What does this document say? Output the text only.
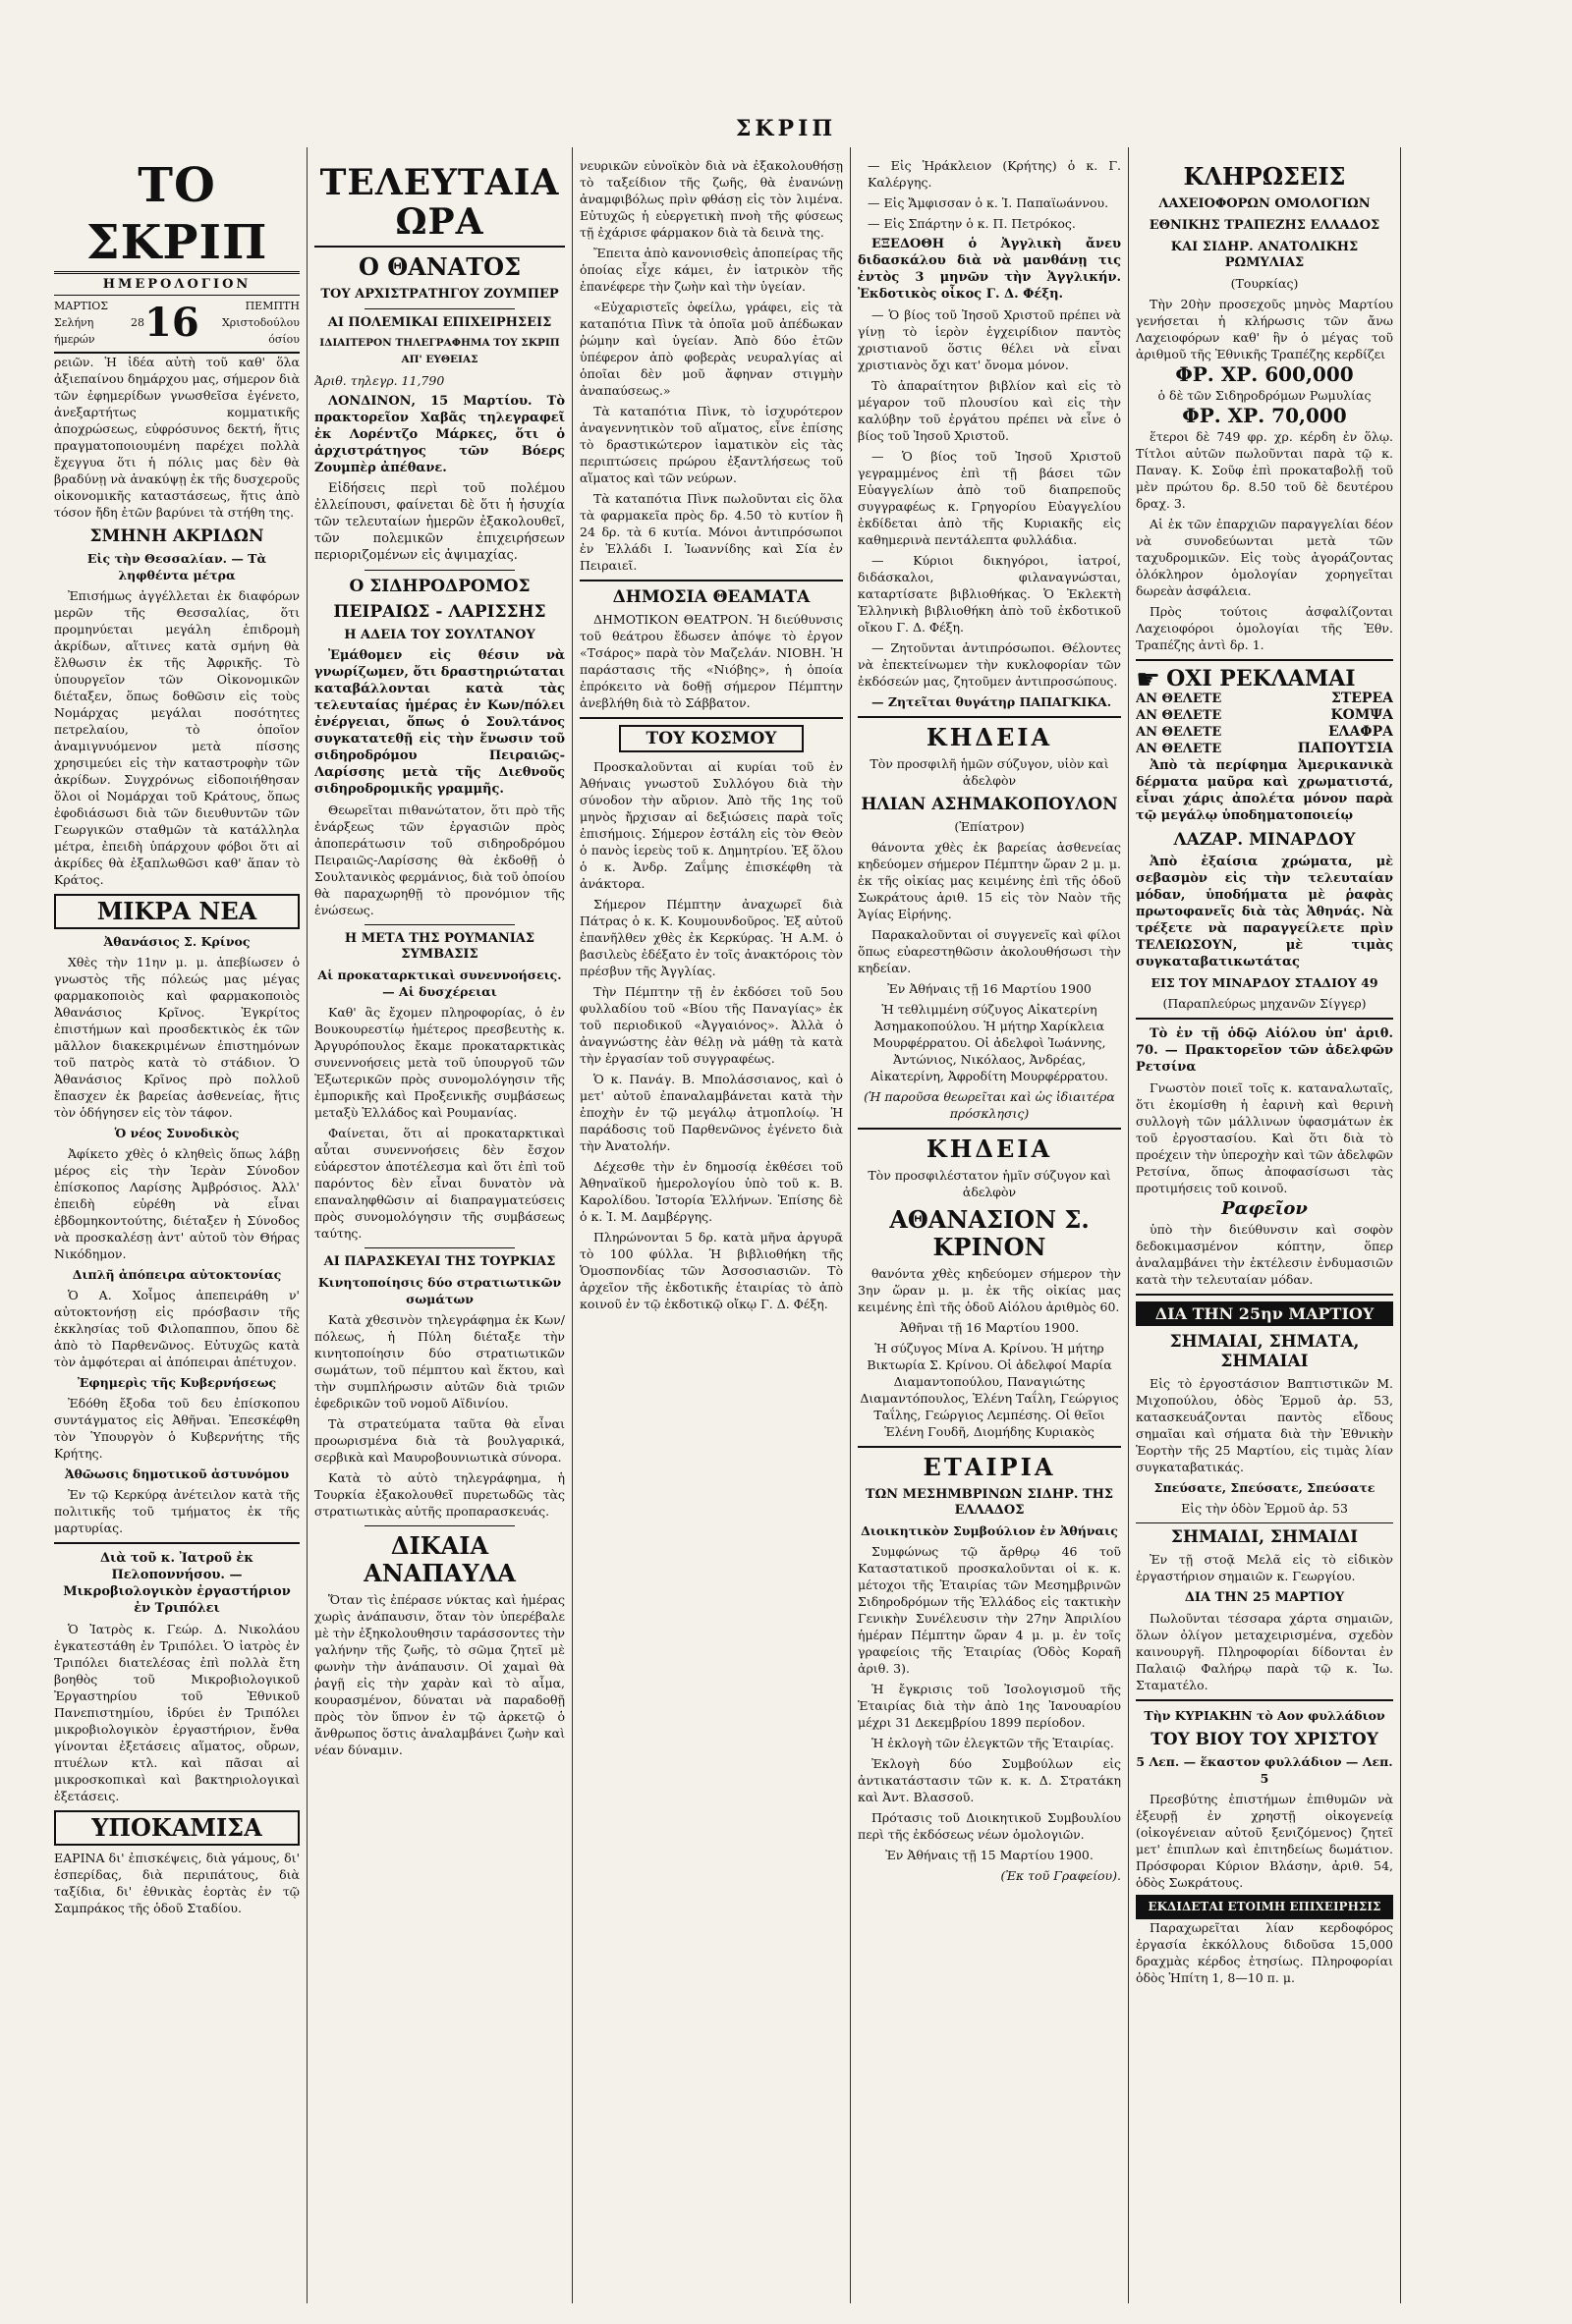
ΣΚΡΙΠ
ΤΟ ΣΚΡΙΠ
ΗΜΕΡΟΛΟΓΙΟΝ
ΜΑΡΤΙΟΣ
Σελήνη 28 ήμερών	16	ΠΕΜΠΤΗ
Χριστοδούλου όσίου

ρειῶν. Ἡ ἰδέα αὐτὴ τοῦ καθ' ὅλα ἀξιεπαίνου δημάρχου μας, σήμερον διὰ τῶν ἐφημερίδων γνωσθεῖσα ἐγένετο, ἀνεξαρτήτως κομματικῆς ἀποχρώσεως, εὐφρόσυνος δεκτή, ἥτις πραγματοποιουμένη παρέχει πολλὰ ἔχεγγυα ὅτι ἡ πόλις μας δὲν θὰ βραδύνῃ νὰ ἀνακύψῃ ἐκ τῆς δυσχεροῦς οἰκονομικῆς καταστάσεως, ἥτις ἀπὸ τόσον ἤδη ἐτῶν βαρύνει τὰ στήθη της.

ΣΜΗΝΗ ΑΚΡΙΔΩΝ

Εἰς τὴν Θεσσαλίαν. — Τὰ ληφθέντα μέτρα

Ἐπισήμως ἀγγέλλεται ἐκ διαφόρων μερῶν τῆς Θεσσαλίας, ὅτι προμηνύεται μεγάλη ἐπιδρομὴ ἀκρίδων, αἵτινες κατὰ σμήνη θὰ ἔλθωσιν ἐκ τῆς Ἀφρικῆς. Τὸ ὑπουργεῖον τῶν Οἰκονομικῶν διέταξεν, ὅπως δοθῶσιν εἰς τοὺς Νομάρχας μεγάλαι ποσότητες πετρελαίου, τὸ ὁποῖον ἀναμιγνυόμενον μετὰ πίσσης χρησιμεύει εἰς τὴν καταστροφὴν τῶν ἀκρίδων. Συγχρόνως εἰδοποιήθησαν ὅλοι οἱ Νομάρχαι τοῦ Κράτους, ὅπως ἐφοδιάσωσι διὰ τῶν διευθυντῶν τῶν Γεωργικῶν σταθμῶν τὰ κατάλληλα μέτρα, ἐπειδὴ ὑπάρχουν φόβοι ὅτι αἱ ἀκρίδες θὰ ἐξαπλωθῶσι καθ' ἅπαν τὸ Κράτος.

ΜΙΚΡΑ ΝΕΑ

Ἀθανάσιος Σ. Κρίνος

Χθὲς τὴν 11ην μ. μ. ἀπεβίωσεν ὁ γνωστὸς τῆς πόλεώς μας μέγας φαρμακοποιὸς καὶ φαρμακοποιὸς Ἀθανάσιος Κρῖνος. Ἐγκρίτος ἐπιστήμων καὶ προσδεκτικὸς ἐκ τῶν μᾶλλον διακεκριμένων ἐπιστημόνων τοῦ πατρὸς κατὰ τὸ στάδιον. Ὁ Ἀθανάσιος Κρῖνος πρὸ πολλοῦ ἔπασχεν ἐκ βαρείας ἀσθενείας, ἥτις τὸν ὁδήγησεν εἰς τὸν τάφον.

Ὁ νέος Συνοδικὸς

Ἀφίκετο χθὲς ὁ κληθεὶς ὅπως λάβῃ μέρος εἰς τὴν Ἱερὰν Σύνοδον ἐπίσκοπος Λαρίσης Ἀμβρόσιος. Ἀλλ' ἐπειδὴ εὑρέθη νὰ εἶναι ἐβδομηκοντούτης, διέταξεν ἡ Σύνοδος νὰ προσκαλέσῃ ἀντ' αὐτοῦ τὸν Θήρας Νικόδημον.

Διπλῆ ἀπόπειρα αὐτοκτονίας

Ὁ Α. Χοἶμος ἀπεπειράθη ν' αὐτοκτονήσῃ εἰς πρόσβασιν τῆς ἐκκλησίας τοῦ Φιλοπαππου, ὅπου δὲ ἀπὸ τὸ Παρθενῶνος. Εὐτυχῶς κατὰ τὸν ἀμφότεραι αἱ ἀπόπειραι ἀπέτυχον.

Ἐφημερὶς τῆς Κυβερνήσεως

Ἐδόθη ἔξοδα τοῦ δευ ἐπίσκοπου συντάγματος εἰς Ἀθῆναι. Ἐπεσκέφθη τὸν Ὑπουργὸν ὁ Κυβερνήτης τῆς Κρήτης.

Ἀθῶωσις δημοτικοῦ ἀστυνόμου

Ἐν τῷ Κερκύρᾳ ἀνέτειλον κατὰ τῆς πολιτικῆς τοῦ τμήματος ἐκ τῆς μαρτυρίας.

Διὰ τοῦ κ. Ἰατροῦ ἐκ Πελοποννήσου. — Μικροβιολογικὸν ἐργαστήριον ἐν Τριπόλει

Ὁ Ἰατρὸς κ. Γεώρ. Δ. Νικολάου ἐγκατεστάθη ἐν Τριπόλει. Ὁ ἰατρὸς ἐν Τριπόλει διατελέσας ἐπὶ πολλὰ ἔτη βοηθὸς τοῦ Μικροβιολογικοῦ Ἐργαστηρίου τοῦ Ἐθνικοῦ Πανεπιστημίου, ἱδρύει ἐν Τριπόλει μικροβιολογικὸν ἐργαστήριον, ἔνθα γίνονται ἐξετάσεις αἵματος, οὔρων, πτυέλων κτλ. καὶ πᾶσαι αἱ μικροσκοπικαὶ καὶ βακτηριολογικαὶ ἐξετάσεις.

ΥΠΟΚΑΜΙΣΑ

ΕΑΡΙΝΑ δι' ἐπισκέψεις, διὰ γάμους, δι' ἑσπερίδας, διὰ περιπάτους, διὰ ταξίδια, δι' ἐθνικὰς ἑορτὰς ἐν τῷ Σαμπράκος τῆς ὁδοῦ Σταδίου.

ΤΕΛΕΥΤΑΙΑ ΩΡΑ
Ο ΘΑΝΑΤΟΣ
ΤΟΥ ΑΡΧΙΣΤΡΑΤΗΓΟΥ ΖΟΥΜΠΕΡ
ΑΙ ΠΟΛΕΜΙΚΑΙ ΕΠΙΧΕΙΡΗΣΕΙΣ

ΙΔΙΑΙΤΕΡΟΝ ΤΗΛΕΓΡΑΦΗΜΑ ΤΟΥ ΣΚΡΙΠ ΑΠ' ΕΥΘΕΙΑΣ

Ἀριθ. τηλεγρ. 11,790

ΛΟΝΔΙΝΟΝ, 15 Μαρτίου. Τὸ πρακτορεῖον Χαβᾶς τηλεγραφεῖ ἐκ Λορέντζο Μάρκες, ὅτι ὁ ἀρχιστράτηγος τῶν Βόερς Ζουμπὲρ ἀπέθανε.

Εἰδήσεις περὶ τοῦ πολέμου ἐλλείπουσι, φαίνεται δὲ ὅτι ἡ ἡσυχία τῶν τελευταίων ἡμερῶν ἐξακολουθεῖ, τῶν πολεμικῶν ἐπιχειρήσεων περιοριζομένων εἰς ἀψιμαχίας.

Ο ΣΙΔΗΡΟΔΡΟΜΟΣ
ΠΕΙΡΑΙΩΣ - ΛΑΡΙΣΣΗΣ
Η ΑΔΕΙΑ ΤΟΥ ΣΟΥΛΤΑΝΟΥ

Ἐμάθομεν εἰς θέσιν νὰ γνωρίζωμεν, ὅτι δραστηριώταται καταβάλλονται κατὰ τὰς τελευταίας ἡμέρας ἐν Κων/πόλει ἐνέργειαι, ὅπως ὁ Σουλτάνος συγκατατεθῇ εἰς τὴν ἕνωσιν τοῦ σιδηροδρόμου Πειραιῶς-Λαρίσσης μετὰ τῆς Διεθνοῦς σιδηροδρομικῆς γραμμῆς.

Θεωρεῖται πιθανώτατον, ὅτι πρὸ τῆς ἐνάρξεως τῶν ἐργασιῶν πρὸς ἀποπεράτωσιν τοῦ σιδηροδρόμου Πειραιῶς-Λαρίσσης θὰ ἐκδοθῇ ὁ Σουλτανικὸς φερμάνιος, διὰ τοῦ ὁποίου θὰ παραχωρηθῇ τὸ προνόμιον τῆς ἑνώσεως.

Η ΜΕΤΑ ΤΗΣ ΡΟΥΜΑΝΙΑΣ ΣΥΜΒΑΣΙΣ

Αἱ προκαταρκτικαὶ συνεννοήσεις. — Αἱ δυσχέρειαι

Καθ' ἃς ἔχομεν πληροφορίας, ὁ ἐν Βουκουρεστίῳ ἡμέτερος πρεσβευτὴς κ. Ἀργυρόπουλος ἔκαμε προκαταρκτικὰς συνεννοήσεις μετὰ τοῦ ὑπουργοῦ τῶν Ἐξωτερικῶν πρὸς συνομολόγησιν τῆς ἐμπορικῆς καὶ Προξενικῆς συμβάσεως μεταξὺ Ἑλλάδος καὶ Ρουμανίας.

Φαίνεται, ὅτι αἱ προκαταρκτικαὶ αὗται συνεννοήσεις δὲν ἔσχον εὐάρεστον ἀποτέλεσμα καὶ ὅτι ἐπὶ τοῦ παρόντος δὲν εἶναι δυνατὸν νὰ επαναληφθῶσιν αἱ διαπραγματεύσεις πρὸς συνομολόγησιν τῆς συμβάσεως ταύτης.

ΑΙ ΠΑΡΑΣΚΕΥΑΙ ΤΗΣ ΤΟΥΡΚΙΑΣ

Κινητοποίησις δύο στρατιωτικῶν σωμάτων

Κατὰ χθεσινὸν τηλεγράφημα ἐκ Κων/πόλεως, ἡ Πύλη διέταξε τὴν κινητοποίησιν δύο στρατιωτικῶν σωμάτων, τοῦ πέμπτου καὶ ἕκτου, καὶ τὴν συμπλήρωσιν αὐτῶν διὰ τριῶν ἐφεδρικῶν τοῦ νομοῦ Αϊδινίου.

Τὰ στρατεύματα ταῦτα θὰ εἶναι προωρισμένα διὰ τὰ βουλγαρικά, σερβικὰ καὶ Μαυροβουνιωτικὰ σύνορα.

Κατὰ τὸ αὐτὸ τηλεγράφημα, ἡ Τουρκία ἐξακολουθεῖ πυρετωδῶς τὰς στρατιωτικὰς αὐτῆς προπαρασκευάς.

ΔΙΚΑΙΑ ΑΝΑΠΑΥΛΑ

Ὅταν τὶς ἐπέρασε νύκτας καὶ ἡμέρας χωρὶς ἀνάπαυσιν, ὅταν τὸν ὑπερέβαλε μὲ τὴν ἐξηκολουθησιν ταράσσοντες τὴν γαλήνην τῆς ζωῆς, τὸ σῶμα ζητεῖ μὲ φωνὴν τὴν ἀνάπαυσιν. Οἱ χαμαὶ θὰ ῥαγῇ εἰς τὴν χαρὰν καὶ τὸ αἷμα, κουρασμένον, δύναται νὰ παραδοθῇ πρὸς τὸν ὕπνον ἐν τῷ ἀρκετῷ ὁ ἄνθρωπος ὅστις ἀναλαμβάνει ζωὴν καὶ νέαν δύναμιν.

νευρικῶν εὐνοϊκὸν διὰ νὰ ἐξακολουθήσῃ τὸ ταξείδιον τῆς ζωῆς, θὰ ἐνανώνῃ ἀναμφιβόλως πρὶν φθάσῃ εἰς τὸν λιμένα. Εὐτυχῶς ἡ εὐεργετικὴ πνοὴ τῆς φύσεως τῇ ἐχάρισε φάρμακον διὰ τὰ δεινὰ της.

Ἔπειτα ἀπὸ κανονισθεὶς ἀποπείρας τῆς ὁποίας εἶχε κάμει, ἐν ἰατρικὸν τῆς ἐπανέφερε τὴν ζωὴν καὶ τὴν ὑγείαν.

«Εὐχαριστεῖς ὀφείλω, γράφει, εἰς τὰ καταπότια Πὶνκ τὰ ὁποῖα μοῦ ἀπέδωκαν ῥώμην καὶ ὑγείαν. Ἀπὸ δύο ἐτῶν ὑπέφερον ἀπὸ φοβερὰς νευραλγίας αἱ ὁποῖαι δὲν μοῦ ἄφηναν στιγμὴν ἀναπαύσεως.»

Τὰ καταπότια Πὶνκ, τὸ ἰσχυρότερον ἀναγεννητικὸν τοῦ αἵματος, εἶνε ἐπίσης τὸ δραστικώτερον ἰαματικὸν εἰς τὰς περιπτώσεις πρώρου ἐξαντλήσεως τοῦ αἵματος καὶ τῶν νεύρων.

Τὰ καταπότια Πὶνκ πωλοῦνται εἰς ὅλα τὰ φαρμακεῖα πρὸς δρ. 4.50 τὸ κυτίον ἢ 24 δρ. τὰ 6 κυτία. Μόνοι ἀντιπρόσωποι ἐν Ἑλλάδι Ι. Ἰωαννίδης καὶ Σία ἐν Πειραιεῖ.

ΔΗΜΟΣΙΑ ΘΕΑΜΑΤΑ

ΔΗΜΟΤΙΚΟΝ ΘΕΑΤΡΟΝ. Ἡ διεύθυνσις τοῦ θεάτρου ἔδωσεν ἀπόψε τὸ ἐργον «Τσάρος» παρὰ τὸν Μαζελάν. ΝΙΟΒΗ. Ἡ παράστασις τῆς «Νιόβης», ἡ ὁποία ἐπρόκειτο νὰ δοθῇ σήμερον Πέμπτην ἀνεβλήθη διὰ τὸ Σάββατον.

ΤΟΥ ΚΟΣΜΟΥ

Προσκαλοῦνται αἱ κυρίαι τοῦ ἐν Ἀθήναις γνωστοῦ Συλλόγου διὰ τὴν σύνοδον τὴν αὔριον. Ἀπὸ τῆς 1ης τοῦ μηνὸς ἤρχισαν αἱ δεξιώσεις παρὰ τοῖς ἐπισήμοις. Σήμερον ἐστάλη εἰς τὸν Θεὸν ὁ πανὸς ἱερεὺς τοῦ κ. Δημητρίου. Ἐξ ὅλου ὁ κ. Ἀνδρ. Ζαΐμης ἐπισκέφθη τὰ ἀνάκτορα.

Σήμερον Πέμπτην ἀναχωρεῖ διὰ Πάτρας ὁ κ. Κ. Κουμουνδοῦρος. Ἐξ αὐτοῦ ἐπανῆλθεν χθὲς ἐκ Κερκύρας. Ἡ Α.Μ. ὁ βασιλεὺς ἐδέξατο ἐν τοῖς ἀνακτόροις τὸν πρέσβυν τῆς Ἀγγλίας.

Τὴν Πέμπτην τῇ ἐν ἐκδόσει τοῦ 5ου φυλλαδίου τοῦ «Βίου τῆς Παναγίας» ἐκ τοῦ περιοδικοῦ «Ἀγγαιόνος». Ἀλλὰ ὁ ἀναγνώστης ἐὰν θέλῃ νὰ μάθῃ τὰ κατὰ τὴν ἐργασίαν τοῦ συγγραφέως.

Ὁ κ. Πανάγ. Β. Μπολάσσιανος, καὶ ὁ μετ' αὐτοῦ ἐπαναλαμβάνεται κατὰ τὴν ἐποχὴν ἐν τῷ μεγάλῳ ἀτμοπλοίῳ. Ἡ παράδοσις τοῦ Παρθενῶνος ἐγένετο διὰ τὴν Ἀνατολήν.

Δέχεσθε τὴν ἐν δημοσίᾳ ἐκθέσει τοῦ Ἀθηναϊκοῦ ἡμερολογίου ὑπὸ τοῦ κ. Β. Καρολίδου. Ἱστορία Ἑλλήνων. Ἐπίσης δὲ ὁ κ. Ἰ. Μ. Δαμβέργης.

Πληρώνονται 5 δρ. κατὰ μῆνα ἀργυρᾶ τὸ 100 φύλλα. Ἡ βιβλιοθήκη τῆς Ὁμοσπονδίας τῶν Ἀσσοσιασιῶν. Τὸ ἀρχεῖον τῆς ἐκδοτικῆς ἑταιρίας τὸ ἀπὸ κοινοῦ ἐν τῷ ἐκδοτικῷ οἴκῳ Γ. Δ. Φέξη.

— Εἰς Ἡράκλειον (Κρήτης) ὁ κ. Γ. Καλέργης.

— Εἰς Ἄμφισσαν ὁ κ. Ἰ. Παπαϊωάννου.

— Εἰς Σπάρτην ὁ κ. Π. Πετρόκος.

ΕΞΕΔΟΘΗ ὁ Ἀγγλικὴ ἄνευ διδασκάλου διὰ νὰ μανθάνῃ τις ἐντὸς 3 μηνῶν τὴν Ἀγγλικήν. Ἐκδοτικὸς οἶκος Γ. Δ. Φέξη.

— Ὁ βίος τοῦ Ἰησοῦ Χριστοῦ πρέπει νὰ γίνῃ τὸ ἱερὸν ἐγχειρίδιον παντὸς χριστιανοῦ ὅστις θέλει νὰ εἶναι χριστιανὸς ὄχι κατ' ὄνομα μόνον.

Τὸ ἀπαραίτητον βιβλίον καὶ εἰς τὸ μέγαρον τοῦ πλουσίου καὶ εἰς τὴν καλύβην τοῦ ἐργάτου πρέπει νὰ εἶνε ὁ βίος τοῦ Ἰησοῦ Χριστοῦ.

— Ὁ βίος τοῦ Ἰησοῦ Χριστοῦ γεγραμμένος ἐπὶ τῇ βάσει τῶν Εὐαγγελίων ἀπὸ τοῦ διαπρεποῦς συγγραφέως κ. Γρηγορίου Εὐαγγελίου ἐκδίδεται ἀπὸ τῆς Κυριακῆς εἰς καθημερινὰ πεντάλεπτα φυλλάδια.

— Κύριοι δικηγόροι, ἰατροί, διδάσκαλοι, φιλαναγνώσται, καταρτίσατε βιβλιοθήκας. Ὁ Ἐκλεκτὴ Ἑλληνικὴ βιβλιοθήκη ἀπὸ τοῦ ἐκδοτικοῦ οἴκου Γ. Δ. Φέξη.

— Ζητοῦνται ἀντιπρόσωποι. Θέλοντες νὰ ἐπεκτείνωμεν τὴν κυκλοφορίαν τῶν ἐκδόσεών μας, ζητοῦμεν ἀντιπροσώπους.

— Ζητεῖται θυγάτηρ ΠΑΠΑΓΚΙΚΑ.

ΚΗΔΕΙΑ

Τὸν προσφιλῆ ἡμῶν σύζυγον, υἱὸν καὶ ἀδελφὸν

ΗΛΙΑΝ ΑΣΗΜΑΚΟΠΟΥΛΟΝ

(Ἐπίατρον)

θάνοντα χθὲς ἐκ βαρείας ἀσθενείας κηδεύομεν σήμερον Πέμπτην ὥραν 2 μ. μ. ἐκ τῆς οἰκίας μας κειμένης ἐπὶ τῆς ὁδοῦ Σωκράτους ἀριθ. 15 εἰς τὸν Ναὸν τῆς Ἁγίας Εἰρήνης.

Παρακαλοῦνται οἱ συγγενεῖς καὶ φίλοι ὅπως εὐαρεστηθῶσιν ἀκολουθήσωσι τὴν κηδείαν.

Ἐν Ἀθήναις τῇ 16 Μαρτίου 1900

Ἡ τεθλιμμένη σύζυγος Αἰκατερίνη Ἀσημακοπούλου. Ἡ μήτηρ Χαρίκλεια Μουρφέρρατου. Οἱ ἀδελφοὶ Ἰωάννης, Ἀντώνιος, Νικόλαος, Ἀνδρέας, Αἰκατερίνη, Ἀφροδίτη Μουρφέρρατου.

(Ἡ παροῦσα θεωρεῖται καὶ ὡς ἰδιαιτέρα πρόσκλησις)

ΚΗΔΕΙΑ

Τὸν προσφιλέστατον ἡμῖν σύζυγον καὶ ἀδελφὸν

ΑΘΑΝΑΣΙΟΝ Σ. ΚΡΙΝΟΝ

θανόντα χθὲς κηδεύομεν σήμερον τὴν 3ην ὥραν μ. μ. ἐκ τῆς οἰκίας μας κειμένης ἐπὶ τῆς ὁδοῦ Αἰόλου ἀριθμὸς 60.

Ἀθῆναι τῇ 16 Μαρτίου 1900.

Ἡ σύζυγος Μίνα Α. Κρίνου. Ἡ μήτηρ Βικτωρία Σ. Κρίνου. Οἱ ἀδελφοί Μαρία Διαμαντοπούλου, Παναγιώτης Διαμαντόπουλος, Ἑλένη Ταΐλη, Γεώργιος Ταΐλης, Γεώργιος Λεμπέσης. Οἱ θεῖοι Ἑλένη Γουδῆ, Διομήδης Κυριακὸς

ΕΤΑΙΡΙΑ
ΤΩΝ ΜΕΣΗΜΒΡΙΝΩΝ ΣΙΔΗΡ. ΤΗΣ ΕΛΛΑΔΟΣ

Διοικητικὸν Συμβούλιον ἐν Ἀθήναις

Συμφώνως τῷ ἄρθρῳ 46 τοῦ Καταστατικοῦ προσκαλοῦνται οἱ κ. κ. μέτοχοι τῆς Ἑταιρίας τῶν Μεσημβρινῶν Σιδηροδρόμων τῆς Ἑλλάδος εἰς τακτικὴν Γενικὴν Συνέλευσιν τὴν 27ην Ἀπριλίου ἡμέραν Πέμπτην ὥραν 4 μ. μ. ἐν τοῖς γραφείοις τῆς Ἑταιρίας (Ὁδὸς Κοραῆ ἀριθ. 3).

Ἡ ἔγκρισις τοῦ Ἰσολογισμοῦ τῆς Ἑταιρίας διὰ τὴν ἀπὸ 1ης Ἰανουαρίου μέχρι 31 Δεκεμβρίου 1899 περίοδον.

Ἡ ἐκλογὴ τῶν ἐλεγκτῶν τῆς Ἑταιρίας.

Ἐκλογὴ δύο Συμβούλων εἰς ἀντικατάστασιν τῶν κ. κ. Δ. Στρατάκη καὶ Ἀντ. Βλασσοῦ.

Πρότασις τοῦ Διοικητικοῦ Συμβουλίου περὶ τῆς ἐκδόσεως νέων ὁμολογιῶν.

Ἐν Ἀθήναις τῇ 15 Μαρτίου 1900.

(Ἐκ τοῦ Γραφείου).

ΚΛΗΡΩΣΕΙΣ
ΛΑΧΕΙΟΦΟΡΩΝ ΟΜΟΛΟΓΙΩΝ
ΕΘΝΙΚΗΣ ΤΡΑΠΕΖΗΣ ΕΛΛΑΔΟΣ
ΚΑΙ ΣΙΔΗΡ. ΑΝΑΤΟΛΙΚΗΣ ΡΩΜΥΛΙΑΣ

(Τουρκίας)

Τὴν 20ὴν προσεχοῦς μηνὸς Μαρτίου γενήσεται ἡ κλήρωσις τῶν ἄνω Λαχειοφόρων καθ' ἣν ὁ μέγας τοῦ ἀριθμοῦ τῆς Ἐθνικῆς Τραπέζης κερδίζει

ΦΡ. ΧΡ. 600,000

ὁ δὲ τῶν Σιδηροδρόμων Ρωμυλίας

ΦΡ. ΧΡ. 70,000

ἕτεροι δὲ 749 φρ. χρ. κέρδη ἐν ὅλῳ. Τίτλοι αὐτῶν πωλοῦνται παρὰ τῷ κ. Παναγ. Κ. Σοῦφ ἐπὶ προκαταβολῇ τοῦ μὲν πρώτου δρ. 8.50 τοῦ δὲ δευτέρου δραχ. 3.

Αἱ ἐκ τῶν ἐπαρχιῶν παραγγελίαι δέον νὰ συνοδεύωνται μετὰ τῶν ταχυδρομικῶν. Εἰς τοὺς ἀγοράζοντας ὁλόκληρον ὁμολογίαν χορηγεῖται δωρεὰν ἀσφάλεια.

Πρὸς τούτοις ἀσφαλίζονται Λαχειοφόροι ὁμολογίαι τῆς Ἐθν. Τραπέζης ἀντὶ δρ. 1.

☛ ΟΧΙ ΡΕΚΛΑΜΑΙ
ΑΝ ΘΕΛΕΤΕ	ΣΤΕΡΕΑ
ΑΝ ΘΕΛΕΤΕ	ΚΟΜΨΑ
ΑΝ ΘΕΛΕΤΕ	ΕΛΑΦΡΑ
ΑΝ ΘΕΛΕΤΕ	ΠΑΠΟΥΤΣΙΑ

Ἀπὸ τὰ περίφημα Ἀμερικανικὰ δέρματα μαῦρα καὶ χρωματιστά, εἶναι χάρις ἀπολέτα μόνον παρὰ τῷ μεγάλῳ ὑποδηματοποιείῳ

ΛΑΖΑΡ. ΜΙΝΑΡΔΟΥ

Ἀπὸ ἐξαίσια χρώματα, μὲ σεβασμὸν εἰς τὴν τελευταίαν μόδαν, ὑποδήματα μὲ ῥαφὰς πρωτοφανεῖς διὰ τὰς Ἀθηνάς. Νὰ τρέξετε νὰ παραγγείλετε πρὶν ΤΕΛΕΙΩΣΟΥΝ, μὲ τιμὰς συγκαταβατικωτάτας

ΕΙΣ ΤΟΥ ΜΙΝΑΡΔΟΥ ΣΤΑΔΙΟΥ 49

(Παραπλεύρως μηχανῶν Σίγγερ)

Τὸ ἐν τῇ ὁδῷ Αἰόλου ὑπ' ἀριθ. 70. — Πρακτορεῖον τῶν ἀδελφῶν Ρετσίνα

Γνωστὸν ποιεῖ τοῖς κ. καταναλωταῖς, ὅτι ἐκομίσθη ἡ ἐαρινὴ καὶ θερινὴ συλλογὴ τῶν μάλλινων ὑφασμάτων ἐκ τοῦ ἐργοστασίου. Καὶ ὅτι διὰ τὸ προέχειν τὴν ὑπεροχὴν καὶ τῶν ἀδελφῶν Ρετσίνα, ὅπως ἀποφασίσωσι τὰς προτιμήσεις τοῦ κοινοῦ.

Ραφεῖον

ὑπὸ τὴν διεύθυνσιν καὶ σοφὸν δεδοκιμασμένον κόπτην, ὅπερ ἀναλαμβάνει τὴν ἐκτέλεσιν ἐνδυμασιῶν κατὰ τὴν τελευταίαν μόδαν.

ΔΙΑ ΤΗΝ 25ην ΜΑΡΤΙΟΥ
ΣΗΜΑΙΑΙ, ΣΗΜΑΤΑ, ΣΗΜΑΙΑΙ

Εἰς τὸ ἐργοστάσιον Βαπτιστικῶν Μ. Μιχοπούλου, ὁδὸς Ἑρμοῦ ἀρ. 53, κατασκευάζονται παντὸς εἴδους σημαῖαι καὶ σήματα διὰ τὴν Ἐθνικὴν Ἑορτὴν τῆς 25 Μαρτίου, εἰς τιμὰς λίαν συγκαταβατικάς.

Σπεύσατε, Σπεύσατε, Σπεύσατε

Εἰς τὴν ὁδὸν Ἑρμοῦ ἀρ. 53

ΣΗΜΑΙΔΙ, ΣΗΜΑΙΔΙ

Ἐν τῇ στοᾷ Μελᾶ εἰς τὸ εἰδικὸν ἐργαστήριον σημαιῶν κ. Γεωργίου.

ΔΙΑ ΤΗΝ 25 ΜΑΡΤΙΟΥ

Πωλοῦνται τέσσαρα χάρτα σημαιῶν, ὅλων ὀλίγον μεταχειρισμένα, σχεδὸν καινουργῆ. Πληροφορίαι δίδονται ἐν Παλαιῷ Φαλήρῳ παρὰ τῷ κ. Ἰω. Σταματέλο.

Τὴν ΚΥΡΙΑΚΗΝ τὸ Αον φυλλάδιον

ΤΟΥ ΒΙΟΥ ΤΟΥ ΧΡΙΣΤΟΥ

5 Λεπ. — ἕκαστον φυλλάδιον — Λεπ. 5

Πρεσβύτης ἐπιστήμων ἐπιθυμῶν νὰ ἐξευρῇ ἐν χρηστῇ οἰκογενείᾳ (οἰκογένειαν αὐτοῦ ξενιζόμενος) ζητεῖ μετ' ἐπιπλων καὶ ἐπιτηδείως δωμάτιον. Πρόσφοραι Κύριον Βλάσην, ἀριθ. 54, ὁδὸς Σωκράτους.

ΕΚΔΙΔΕΤΑΙ ΕΤΟΙΜΗ ΕΠΙΧΕΙΡΗΣΙΣ

Παραχωρεῖται λίαν κερδοφόρος ἐργασία ἐκκόλλους διδοῦσα 15,000 δραχμὰς κέρδος ἐτησίως. Πληροφορίαι ὁδὸς Ἡπίτη 1, 8—10 π. μ.
